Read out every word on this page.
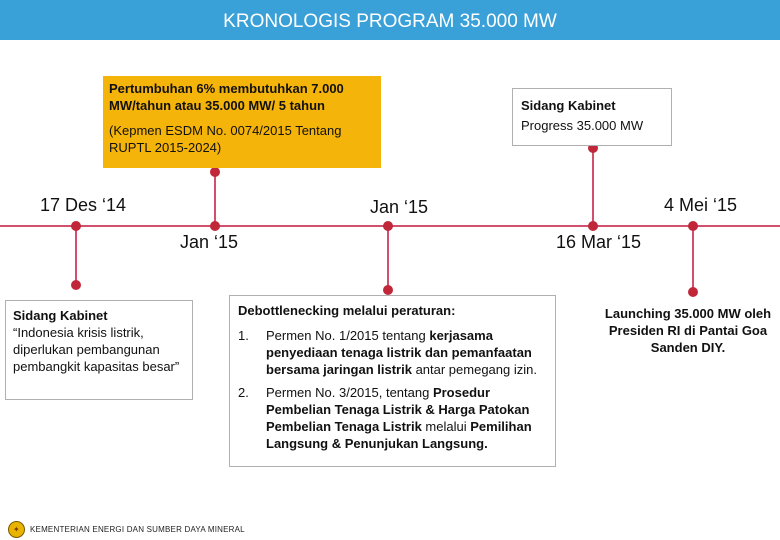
KRONOLOGIS PROGRAM 35.000 MW
Pertumbuhan 6% membutuhkan 7.000 MW/tahun atau 35.000 MW/ 5 tahun
(Kepmen ESDM No. 0074/2015 Tentang RUPTL 2015-2024)
Sidang Kabinet
Progress 35.000 MW
17 Des ‘14	Jan ‘15	4 Mei ‘15
Jan ‘15	16 Mar ‘15
Sidang Kabinet
“Indonesia krisis listrik, diperlukan pembangunan pembangkit kapasitas besar”
Debottlenecking melalui peraturan:
1. Permen No. 1/2015 tentang kerjasama penyediaan tenaga listrik dan pemanfaatan bersama jaringan listrik antar pemegang izin.
2. Permen No. 3/2015, tentang Prosedur Pembelian Tenaga Listrik & Harga Patokan Pembelian Tenaga Listrik melalui Pemilihan Langsung & Penunjukan Langsung.
Launching 35.000 MW oleh Presiden RI di Pantai Goa Sanden DIY.
✦	KEMENTERIAN ENERGI DAN SUMBER DAYA MINERAL
